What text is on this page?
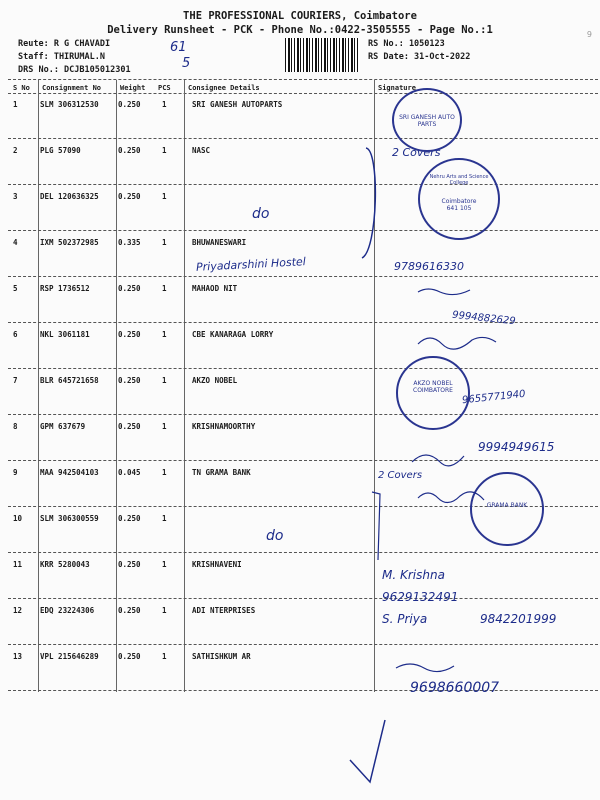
THE PROFESSIONAL COURIERS, Coimbatore
Delivery Runsheet - PCK - Phone No.:0422-3505555 - Page No.:1	9
Reute: R G CHAVADI
Staff: THIRUMAL.N
DRS No.: DCJB105012301
61
5
RS No.: 1050123
RS Date: 31-Oct-2022
S No Consignment No	Weight PCS Consignee Details	Signature
1	SLM 306312530	0.250	1	SRI GANESH AUTOPARTS
2	PLG 57090	0.250	1	NASC
3	DEL 120636325	0.250	1
4	IXM 502372985	0.335	1	BHUWANESWARI
5	RSP 1736512	0.250	1	MAHAOD NIT
6	NKL 3061181	0.250	1	CBE KANARAGA LORRY
7	BLR 645721658	0.250	1	AKZO NOBEL
8	GPM 637679	0.250	1	KRISHNAMOORTHY
9	MAA 942504103	0.045	1	TN GRAMA BANK
10 SLM 306300559	0.250	1
11 KRR 5280043	0.250	1	KRISHNAVENI
12 EDQ 23224306	0.250	1	ADI NTERPRISES
13 VPL 215646289	0.250	1	SATHISHKUM AR
2 Covers
do
Priyadarshini Hostel	9789616330
9994882629
9655771940
9994949615
2 Covers
do
M. Krishna
9629132491
S. Priya	9842201999
9698660007
SRI GANESH AUTO PARTS
Nehru Arts and Science College
Coimbatore
641 105
AKZO NOBEL
COIMBATORE
GRAMA BANK
